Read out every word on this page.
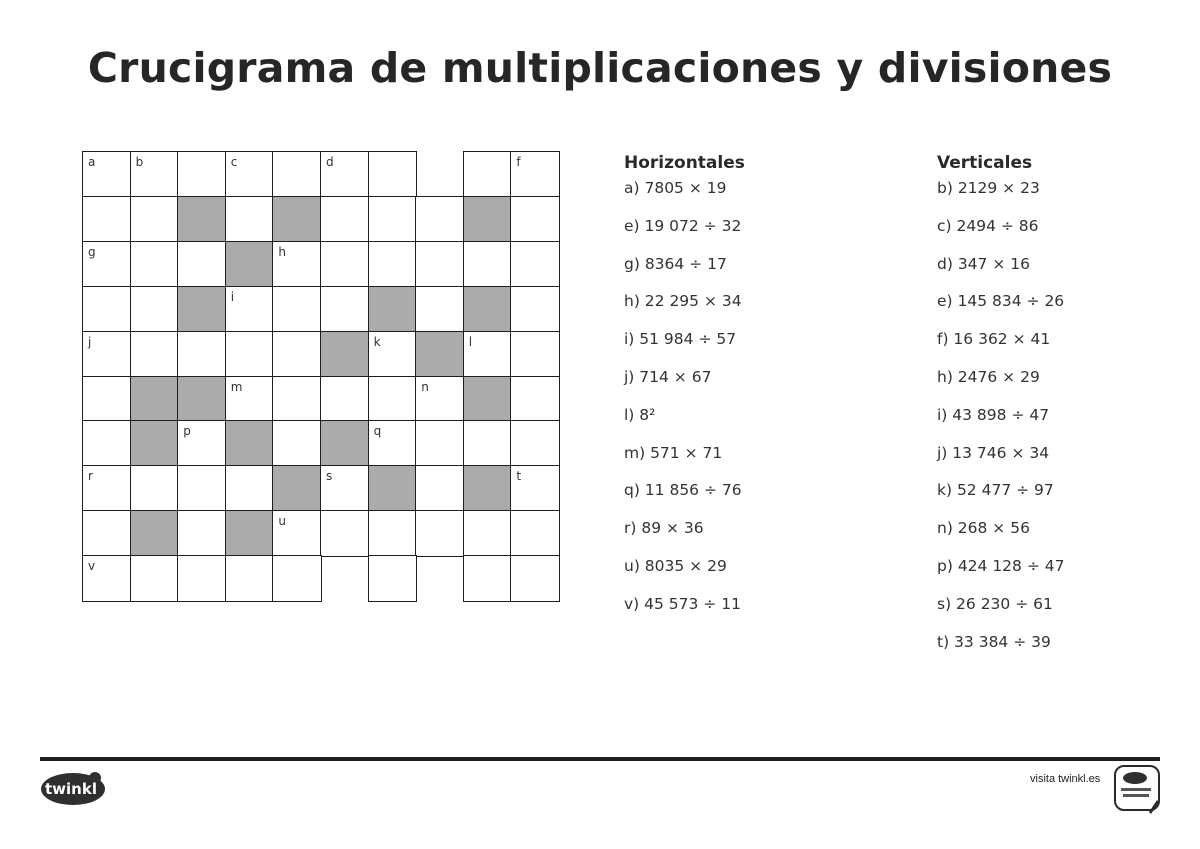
Crucigrama de multiplicaciones y divisiones
a	b	c	d	f
g	h
i
j	k	l
m	n
p	q
r	s	t
u
v
Horizontales
a) 7805 × 19
e) 19 072 ÷ 32
g) 8364 ÷ 17
h) 22 295 × 34
i) 51 984 ÷ 57
j) 714 × 67
l) 8²
m) 571 × 71
q) 11 856 ÷ 76
r) 89 × 36
u) 8035 × 29
v) 45 573 ÷ 11
Verticales
b) 2129 × 23
c) 2494 ÷ 86
d) 347 × 16
e) 145 834 ÷ 26
f) 16 362 × 41
h) 2476 × 29
i) 43 898 ÷ 47
j) 13 746 × 34
k) 52 477 ÷ 97
n) 268 × 56
p) 424 128 ÷ 47
s) 26 230 ÷ 61
t) 33 384 ÷ 39
twinkl
visita twinkl.es
